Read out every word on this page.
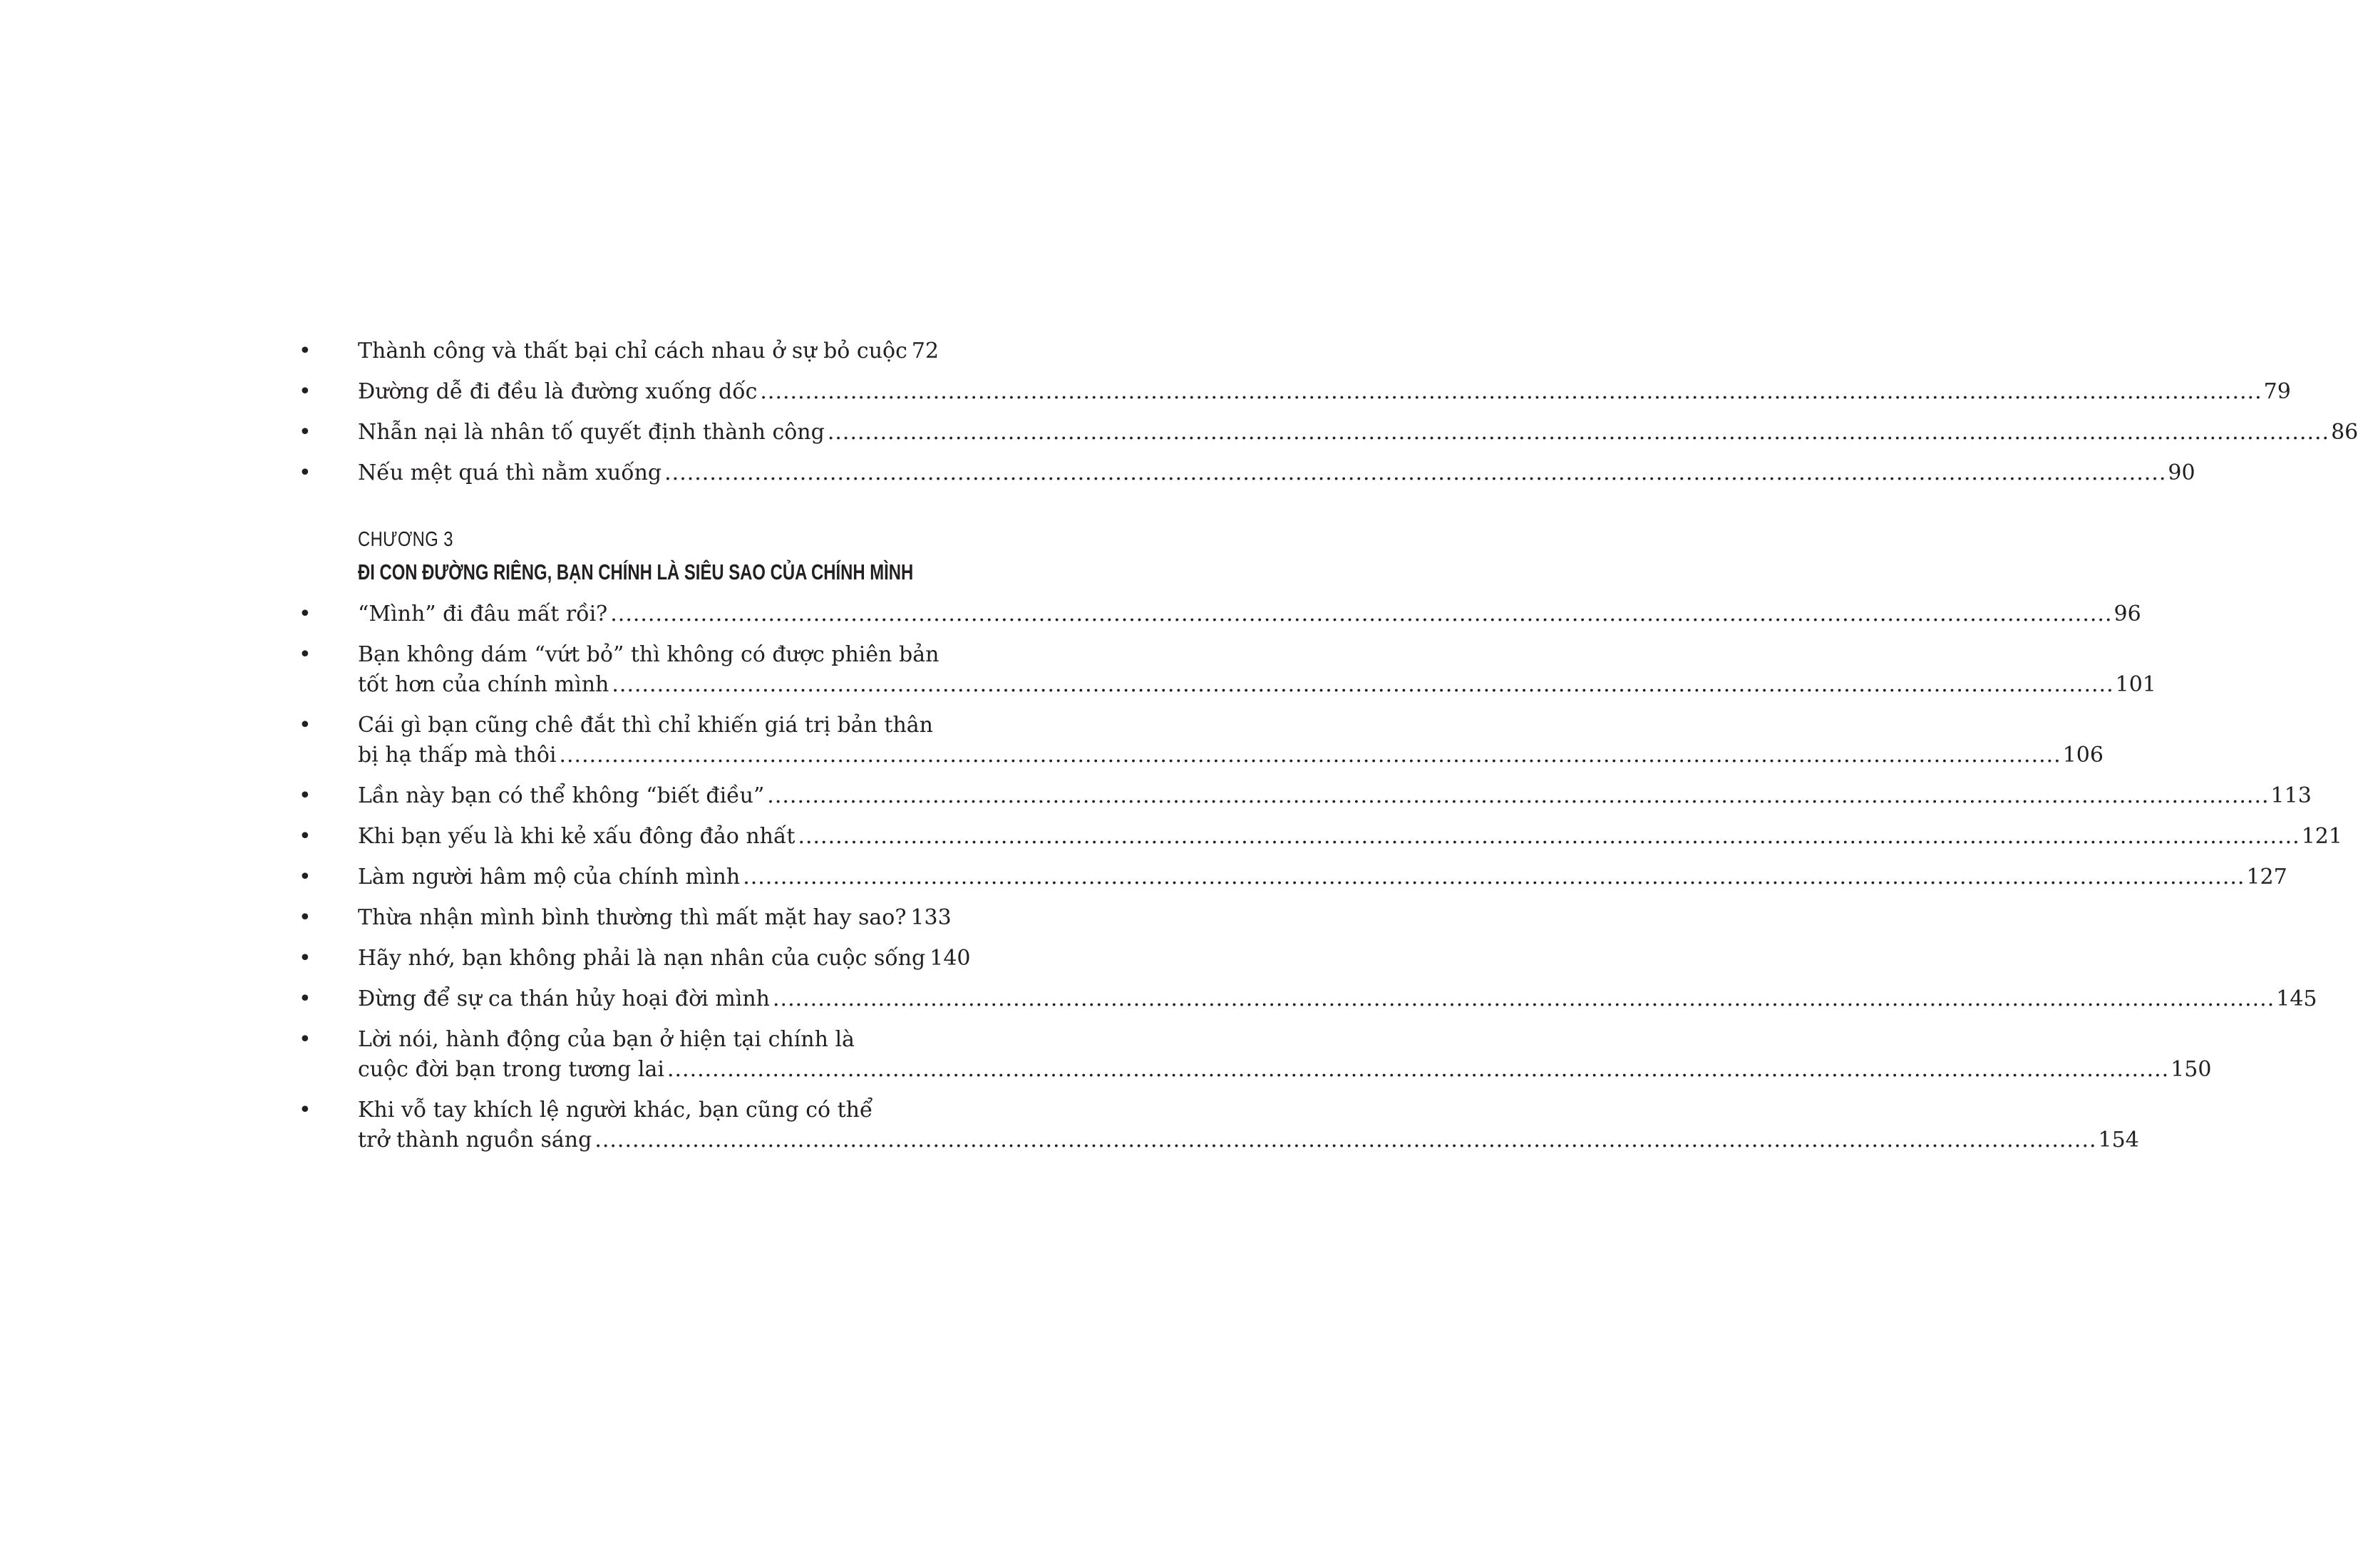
• Thành công và thất bại chỉ cách nhau ở sự bỏ cuộc 72
• Đường dễ đi đều là đường xuống dốc ........................................................................................................................................................................................................ 79
• Nhẫn nại là nhân tố quyết định thành công ........................................................................................................................................................................................................ 86
• Nếu mệt quá thì nằm xuống ........................................................................................................................................................................................................ 90
CHƯƠNG 3
ĐI CON ĐƯỜNG RIÊNG, BẠN CHÍNH LÀ SIÊU SAO CỦA CHÍNH MÌNH
• “Mình” đi đâu mất rồi? ........................................................................................................................................................................................................ 96
• Bạn không dám “vứt bỏ” thì không có được phiên bản
tốt hơn của chính mình ........................................................................................................................................................................................................ 101
• Cái gì bạn cũng chê đắt thì chỉ khiến giá trị bản thân
bị hạ thấp mà thôi ........................................................................................................................................................................................................ 106
• Lần này bạn có thể không “biết điều” ........................................................................................................................................................................................................ 113
• Khi bạn yếu là khi kẻ xấu đông đảo nhất ........................................................................................................................................................................................................ 121
• Làm người hâm mộ của chính mình ........................................................................................................................................................................................................ 127
• Thừa nhận mình bình thường thì mất mặt hay sao? 133
• Hãy nhớ, bạn không phải là nạn nhân của cuộc sống 140
• Đừng để sự ca thán hủy hoại đời mình ........................................................................................................................................................................................................ 145
• Lời nói, hành động của bạn ở hiện tại chính là
cuộc đời bạn trong tương lai ........................................................................................................................................................................................................ 150
• Khi vỗ tay khích lệ người khác, bạn cũng có thể
trở thành nguồn sáng ........................................................................................................................................................................................................ 154
